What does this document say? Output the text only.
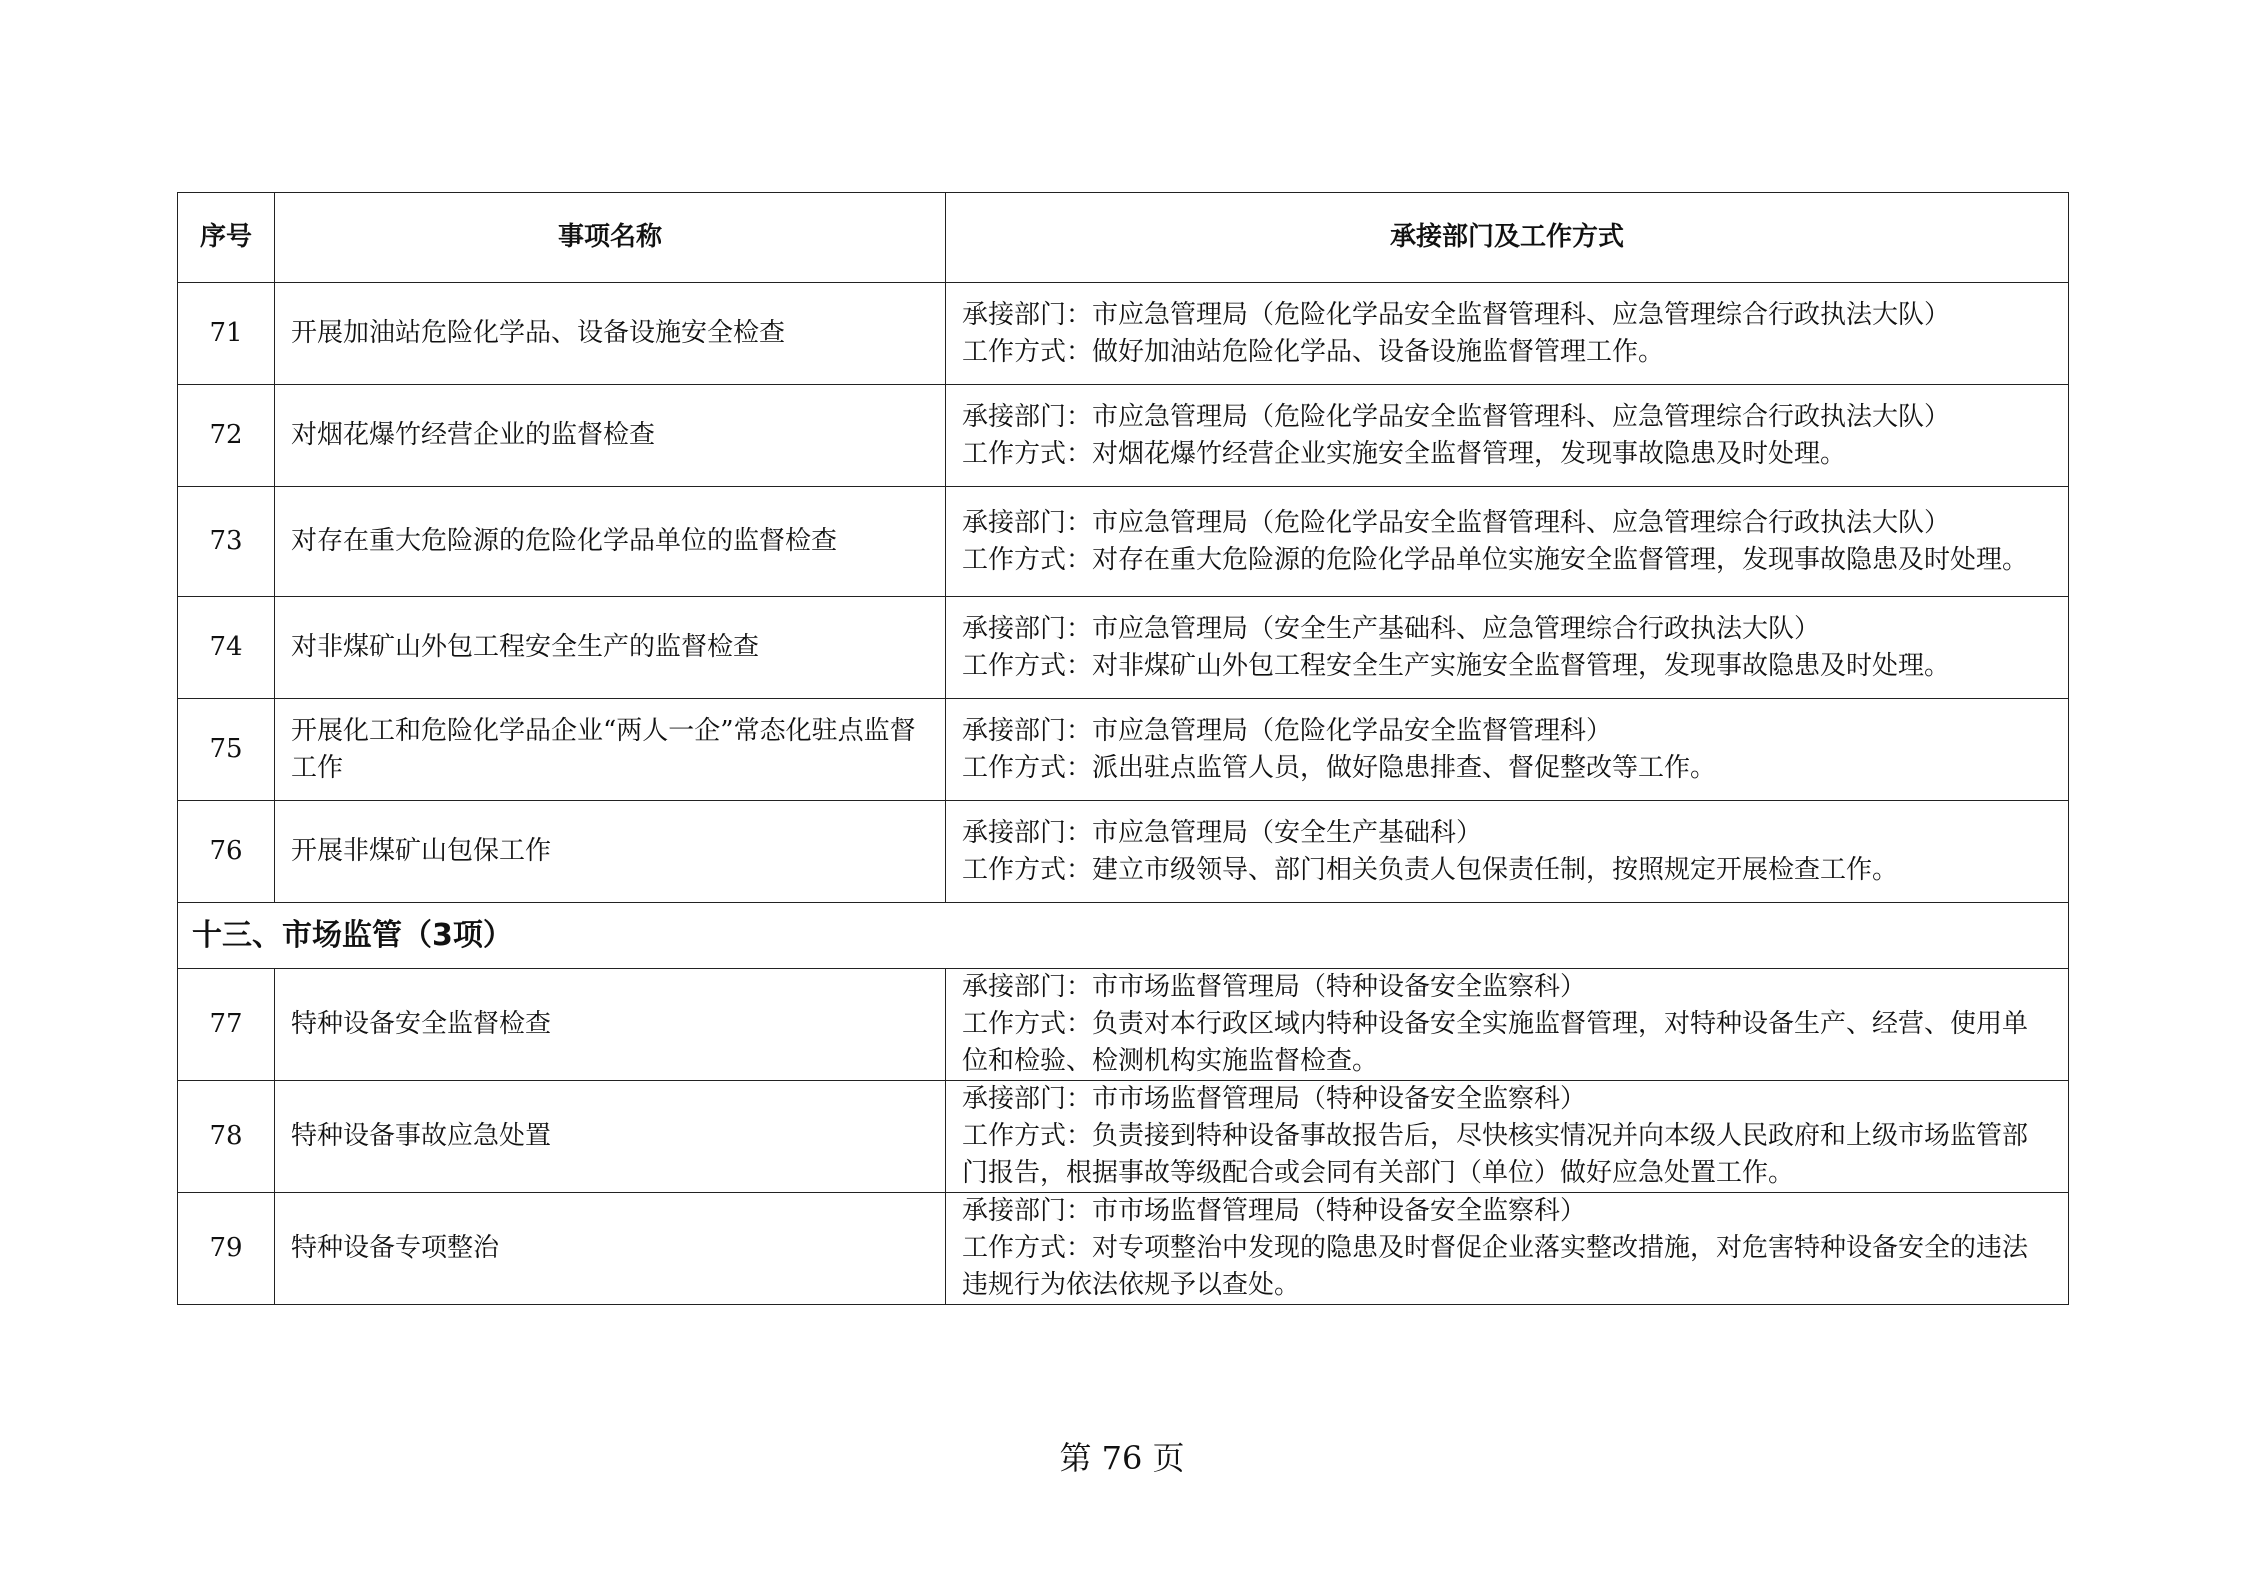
序号	事项名称	承接部门及工作方式
71	开展加油站危险化学品、设备设施安全检查	承接部门：市应急管理局（危险化学品安全监督管理科、应急管理综合行政执法大队）
工作方式：做好加油站危险化学品、设备设施监督管理工作。

72	对烟花爆竹经营企业的监督检查	承接部门：市应急管理局（危险化学品安全监督管理科、应急管理综合行政执法大队）
工作方式：对烟花爆竹经营企业实施安全监督管理，发现事故隐患及时处理。

73	对存在重大危险源的危险化学品单位的监督检查	承接部门：市应急管理局（危险化学品安全监督管理科、应急管理综合行政执法大队）
工作方式：对存在重大危险源的危险化学品单位实施安全监督管理，发现事故隐患及时处理。

74	对非煤矿山外包工程安全生产的监督检查	承接部门：市应急管理局（安全生产基础科、应急管理综合行政执法大队）
工作方式：对非煤矿山外包工程安全生产实施安全监督管理，发现事故隐患及时处理。

75	开展化工和危险化学品企业“两人一企”常态化驻点监督工作	承接部门：市应急管理局（危险化学品安全监督管理科）
工作方式：派出驻点监管人员，做好隐患排查、督促整改等工作。

76	开展非煤矿山包保工作	承接部门：市应急管理局（安全生产基础科）
工作方式：建立市级领导、部门相关负责人包保责任制，按照规定开展检查工作。

十三、市场监管（3项）		
77	特种设备安全监督检查	承接部门：市市场监督管理局（特种设备安全监察科）
工作方式：负责对本行政区域内特种设备安全实施监督管理，对特种设备生产、经营、使用单位和检验、检测机构实施监督检查。

78	特种设备事故应急处置	承接部门：市市场监督管理局（特种设备安全监察科）
工作方式：负责接到特种设备事故报告后，尽快核实情况并向本级人民政府和上级市场监管部门报告，根据事故等级配合或会同有关部门（单位）做好应急处置工作。

79	特种设备专项整治	承接部门：市市场监督管理局（特种设备安全监察科）
工作方式：对专项整治中发现的隐患及时督促企业落实整改措施，对危害特种设备安全的违法违规行为依法依规予以查处。
第 76 页
